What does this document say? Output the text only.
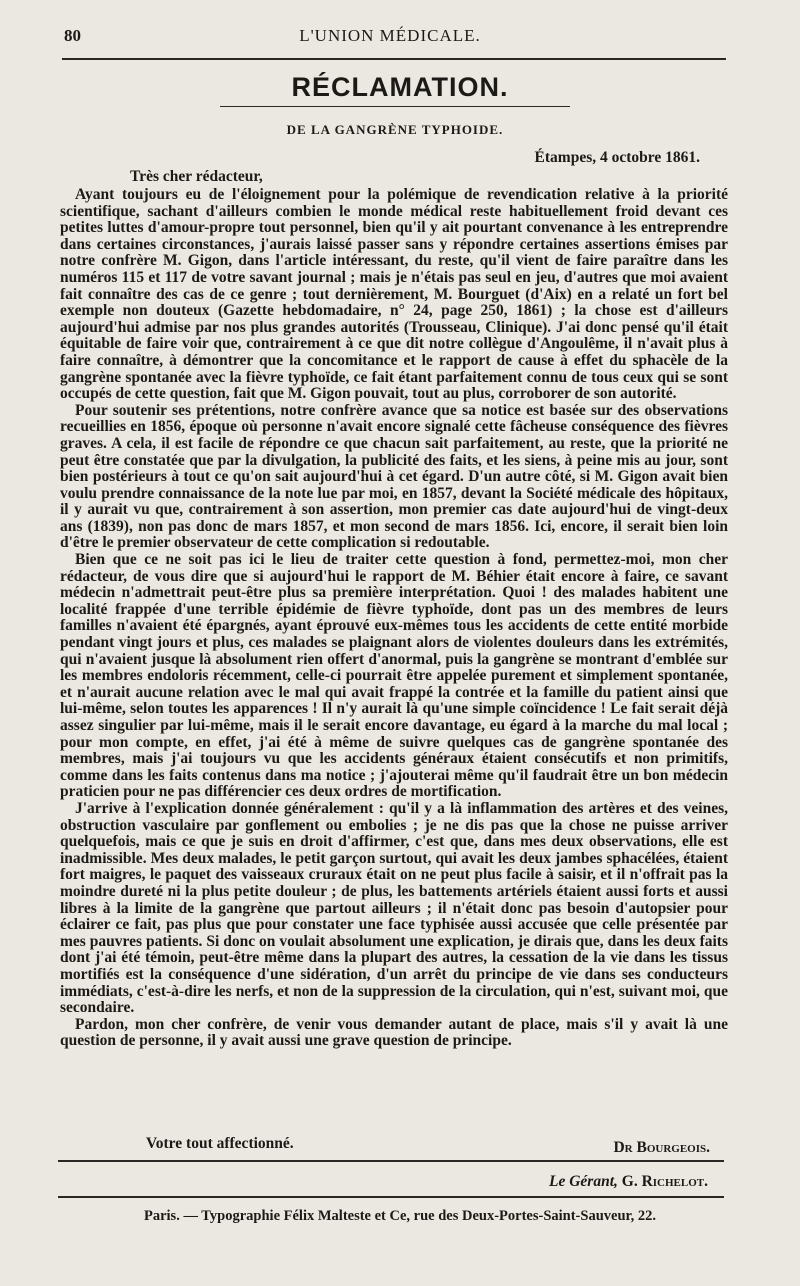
80	L'UNION MÉDICALE.
RÉCLAMATION.
DE LA GANGRÈNE TYPHOIDE.
Étampes, 4 octobre 1861.
Très cher rédacteur,

Ayant toujours eu de l'éloignement pour la polémique de revendication relative à la priorité scientifique, sachant d'ailleurs combien le monde médical reste habituellement froid devant ces petites luttes d'amour-propre tout personnel, bien qu'il y ait pourtant convenance à les entreprendre dans certaines circonstances, j'aurais laissé passer sans y répondre certaines assertions émises par notre confrère M. Gigon, dans l'article intéressant, du reste, qu'il vient de faire paraître dans les numéros 115 et 117 de votre savant journal ; mais je n'étais pas seul en jeu, d'autres que moi avaient fait connaître des cas de ce genre ; tout dernièrement, M. Bourguet (d'Aix) en a relaté un fort bel exemple non douteux (Gazette hebdomadaire, n° 24, page 250, 1861) ; la chose est d'ailleurs aujourd'hui admise par nos plus grandes autorités (Trousseau, Clinique). J'ai donc pensé qu'il était équitable de faire voir que, contrairement à ce que dit notre collègue d'Angoulême, il n'avait plus à faire connaître, à démontrer que la concomitance et le rapport de cause à effet du sphacèle de la gangrène spontanée avec la fièvre typhoïde, ce fait étant parfaitement connu de tous ceux qui se sont occupés de cette question, fait que M. Gigon pouvait, tout au plus, corroborer de son autorité.

Pour soutenir ses prétentions, notre confrère avance que sa notice est basée sur des observations recueillies en 1856, époque où personne n'avait encore signalé cette fâcheuse conséquence des fièvres graves. A cela, il est facile de répondre ce que chacun sait parfaitement, au reste, que la priorité ne peut être constatée que par la divulgation, la publicité des faits, et les siens, à peine mis au jour, sont bien postérieurs à tout ce qu'on sait aujourd'hui à cet égard. D'un autre côté, si M. Gigon avait bien voulu prendre connaissance de la note lue par moi, en 1857, devant la Société médicale des hôpitaux, il y aurait vu que, contrairement à son assertion, mon premier cas date aujourd'hui de vingt-deux ans (1839), non pas donc de mars 1857, et mon second de mars 1856. Ici, encore, il serait bien loin d'être le premier observateur de cette complication si redoutable.

Bien que ce ne soit pas ici le lieu de traiter cette question à fond, permettez-moi, mon cher rédacteur, de vous dire que si aujourd'hui le rapport de M. Béhier était encore à faire, ce savant médecin n'admettrait peut-être plus sa première interprétation. Quoi ! des malades habitent une localité frappée d'une terrible épidémie de fièvre typhoïde, dont pas un des membres de leurs familles n'avaient été épargnés, ayant éprouvé eux-mêmes tous les accidents de cette entité morbide pendant vingt jours et plus, ces malades se plaignant alors de violentes douleurs dans les extrémités, qui n'avaient jusque là absolument rien offert d'anormal, puis la gangrène se montrant d'emblée sur les membres endoloris récemment, celle-ci pourrait être appelée purement et simplement spontanée, et n'aurait aucune relation avec le mal qui avait frappé la contrée et la famille du patient ainsi que lui-même, selon toutes les apparences ! Il n'y aurait là qu'une simple coïncidence ! Le fait serait déjà assez singulier par lui-même, mais il le serait encore davantage, eu égard à la marche du mal local ; pour mon compte, en effet, j'ai été à même de suivre quelques cas de gangrène spontanée des membres, mais j'ai toujours vu que les accidents généraux étaient consécutifs et non primitifs, comme dans les faits contenus dans ma notice ; j'ajouterai même qu'il faudrait être un bon médecin praticien pour ne pas différencier ces deux ordres de mortification.

J'arrive à l'explication donnée généralement : qu'il y a là inflammation des artères et des veines, obstruction vasculaire par gonflement ou embolies ; je ne dis pas que la chose ne puisse arriver quelquefois, mais ce que je suis en droit d'affirmer, c'est que, dans mes deux observations, elle est inadmissible. Mes deux malades, le petit garçon surtout, qui avait les deux jambes sphacélées, étaient fort maigres, le paquet des vaisseaux cruraux était on ne peut plus facile à saisir, et il n'offrait pas la moindre dureté ni la plus petite douleur ; de plus, les battements artériels étaient aussi forts et aussi libres à la limite de la gangrène que partout ailleurs ; il n'était donc pas besoin d'autopsier pour éclairer ce fait, pas plus que pour constater une face typhisée aussi accusée que celle présentée par mes pauvres patients. Si donc on voulait absolument une explication, je dirais que, dans les deux faits dont j'ai été témoin, peut-être même dans la plupart des autres, la cessation de la vie dans les tissus mortifiés est la conséquence d'une sidération, d'un arrêt du principe de vie dans ses conducteurs immédiats, c'est-à-dire les nerfs, et non de la suppression de la circulation, qui n'est, suivant moi, que secondaire.

Pardon, mon cher confrère, de venir vous demander autant de place, mais s'il y avait là une question de personne, il y avait aussi une grave question de principe.

Votre tout affectionné.	Dr Bourgeois.
Le Gérant, G. Richelot.
Paris. — Typographie Félix Malteste et Ce, rue des Deux-Portes-Saint-Sauveur, 22.
